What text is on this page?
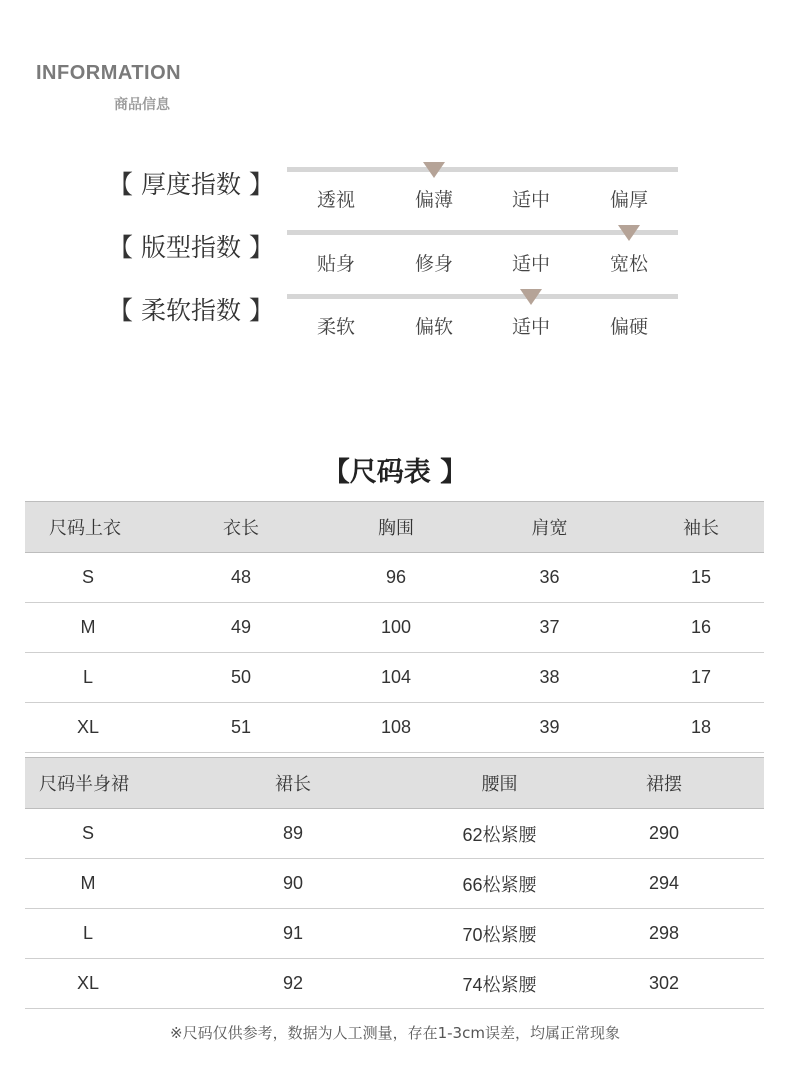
INFORMATION
商品信息
【 厚度指数 】
透视	偏薄	适中	偏厚
【 版型指数 】
贴身	修身	适中	宽松
【 柔软指数 】
柔软	偏软	适中	偏硬
【尺码表 】
尺码上衣	衣长	胸围	肩宽	袖长
S	48	96	36	15
M	49	100	37	16
L	50	104	38	17
XL	51	108	39	18
尺码半身裙	裙长	腰围	裙摆
S	89	62松紧腰	290
M	90	66松紧腰	294
L	91	70松紧腰	298
XL	92	74松紧腰	302
※尺码仅供参考，数据为人工测量，存在1-3cm误差，均属正常现象
